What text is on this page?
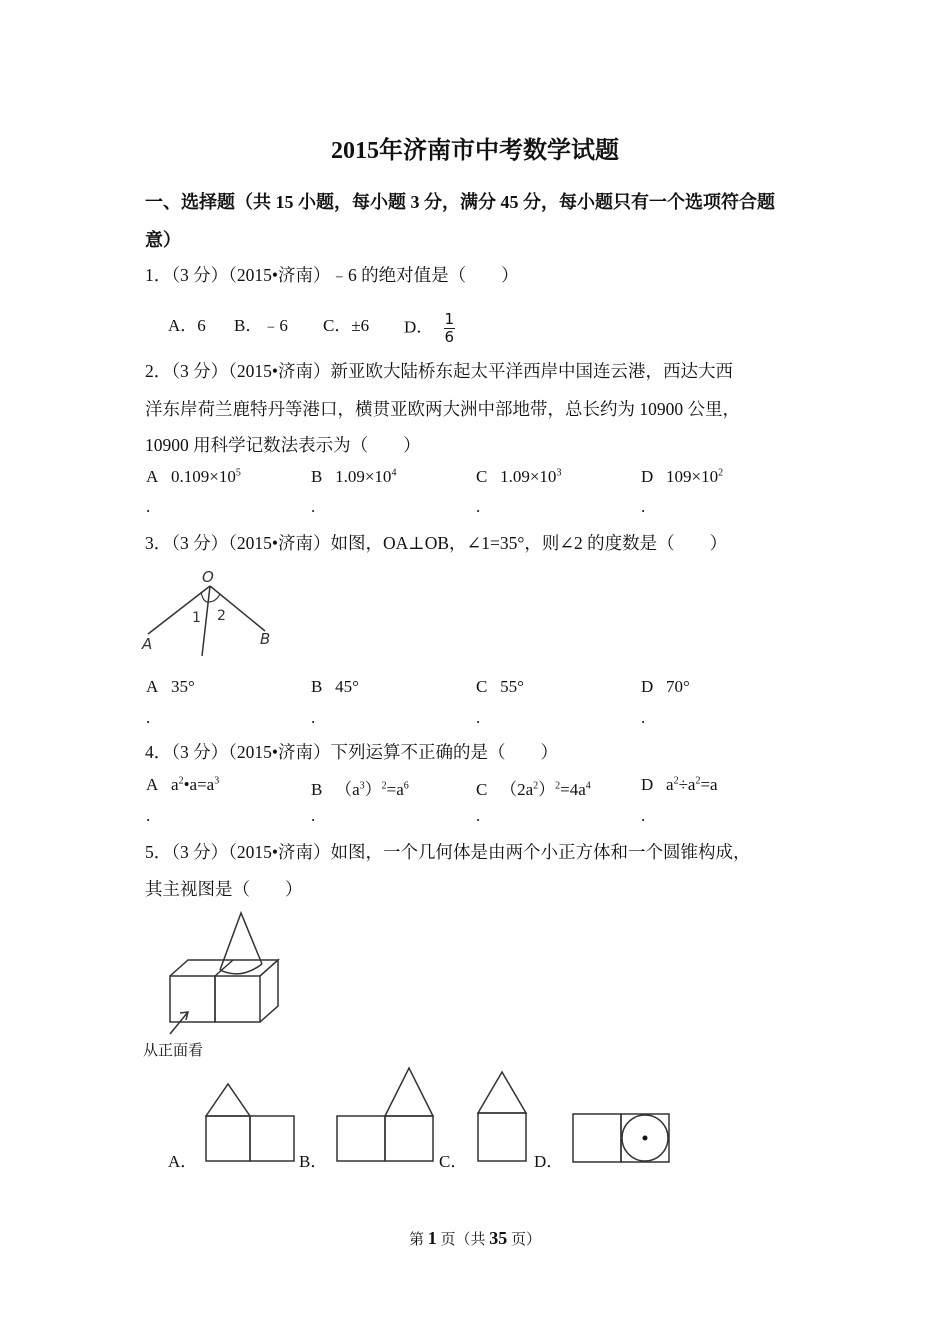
2015年济南市中考数学试题
一、选择题（共 15 小题，每小题 3 分，满分 45 分，每小题只有一个选项符合题
意）
1．（3 分）（2015•济南）﹣6 的绝对值是（　　）
A．6 B．﹣6 C．±6 D． $\frac{1}{6}$
2．（3 分）（2015•济南）新亚欧大陆桥东起太平洋西岸中国连云港，西达大西
洋东岸荷兰鹿特丹等港口，横贯亚欧两大洲中部地带，总长约为 10900 公里，
10900 用科学记数法表示为（　　）
A $0.109\times 10^5$	B $1.09\times 10^4$	C $1.09\times 10^3$	D $109\times 10^2$
.	.	.	.
3．（3 分）（2015•济南）如图，OA⊥OB，∠1=35°，则∠2 的度数是（　　）
O
A	B
1 2
A 35°	B 45°	C 55°	D 70°
.	.	.	.
4．（3 分）（2015•济南）下列运算不正确的是（　　）
A $a^2•a=a^3$	B $(a^3)^2=a^6$	C $(2a^2)^2=4a^4$	D $a^2\div a^2=a$
.	.	.	.
5．（3 分）（2015•济南）如图，一个几何体是由两个小正方体和一个圆锥构成，
其主视图是（　　）
从正面看
A．	B．	C．	D．
第 1 页（共 35 页）
